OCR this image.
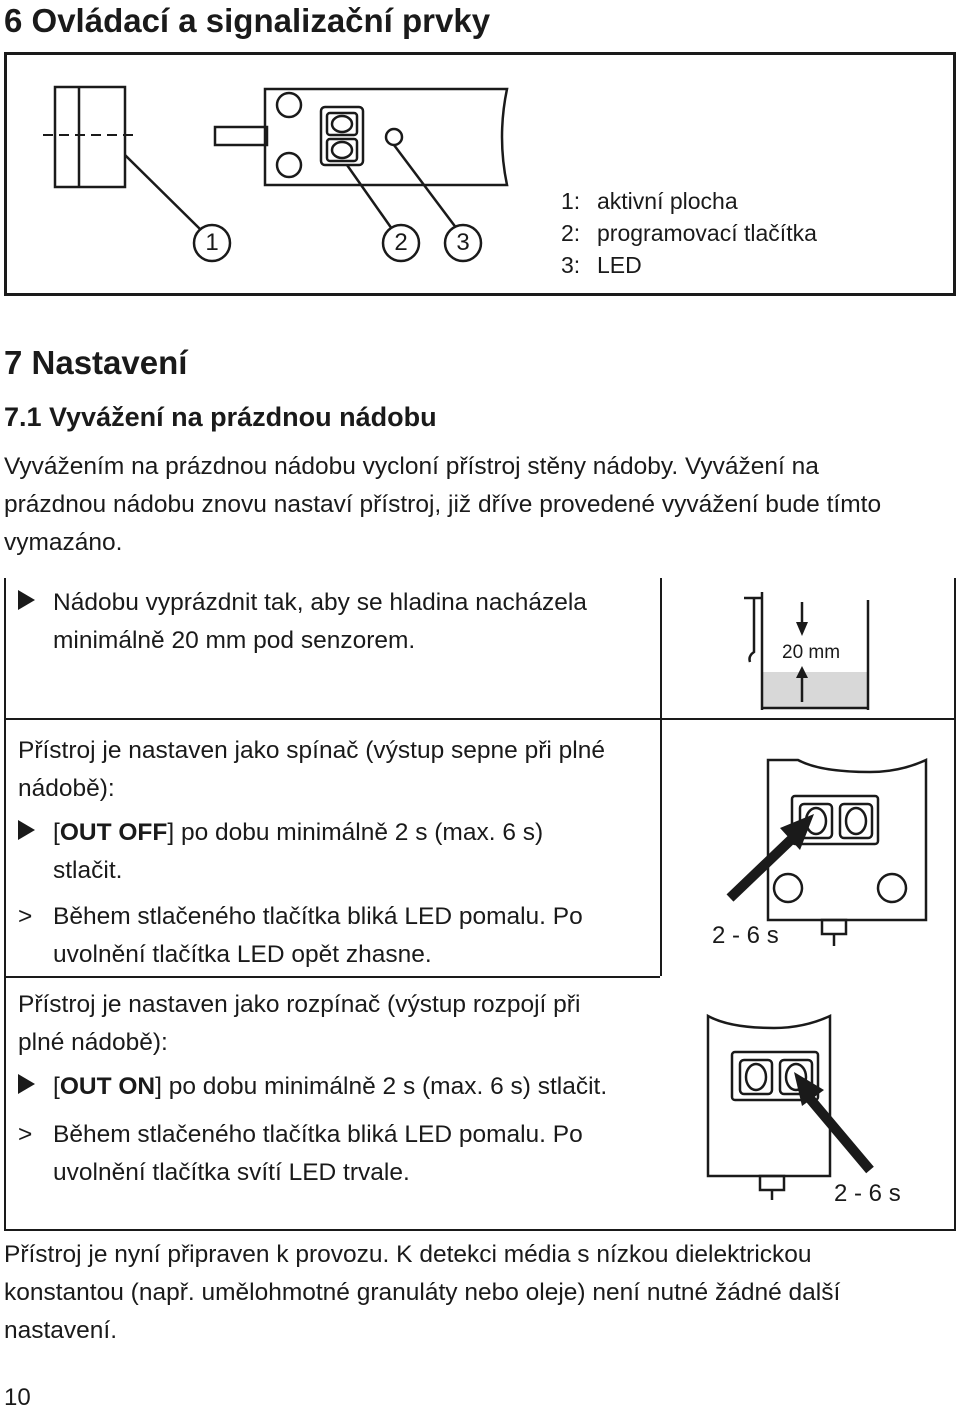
6 Ovládací a signalizační prvky
1	2 3
1: aktivní plocha
2: programovací tlačítka
3: LED
7 Nastavení
7.1 Vyvážení na prázdnou nádobu
Vyvážením na prázdnou nádobu vycloní přístroj stěny nádoby. Vyvážení na
prázdnou nádobu znovu nastaví přístroj, již dříve provedené vyvážení bude tímto
vymazáno.
Nádobu vyprázdnit tak, aby se hladina nacházela
minimálně 20 mm pod senzorem.	20 mm
Přístroj je nastaven jako spínač (výstup sepne při plné
nádobě):
[OUT OFF] po dobu minimálně 2 s (max. 6 s)
stlačit.
> Během stlačeného tlačítka bliká LED pomalu. Po
uvolnění tlačítka LED opět zhasne.
2 - 6 s
Přístroj je nastaven jako rozpínač (výstup rozpojí při
plné nádobě):
[OUT ON] po dobu minimálně 2 s (max. 6 s) stlačit.
> Během stlačeného tlačítka bliká LED pomalu. Po
uvolnění tlačítka svítí LED trvale.
2 - 6 s
Přístroj je nyní připraven k provozu. K detekci média s nízkou dielektrickou
konstantou (např. umělohmotné granuláty nebo oleje) není nutné žádné další
nastavení.
10
